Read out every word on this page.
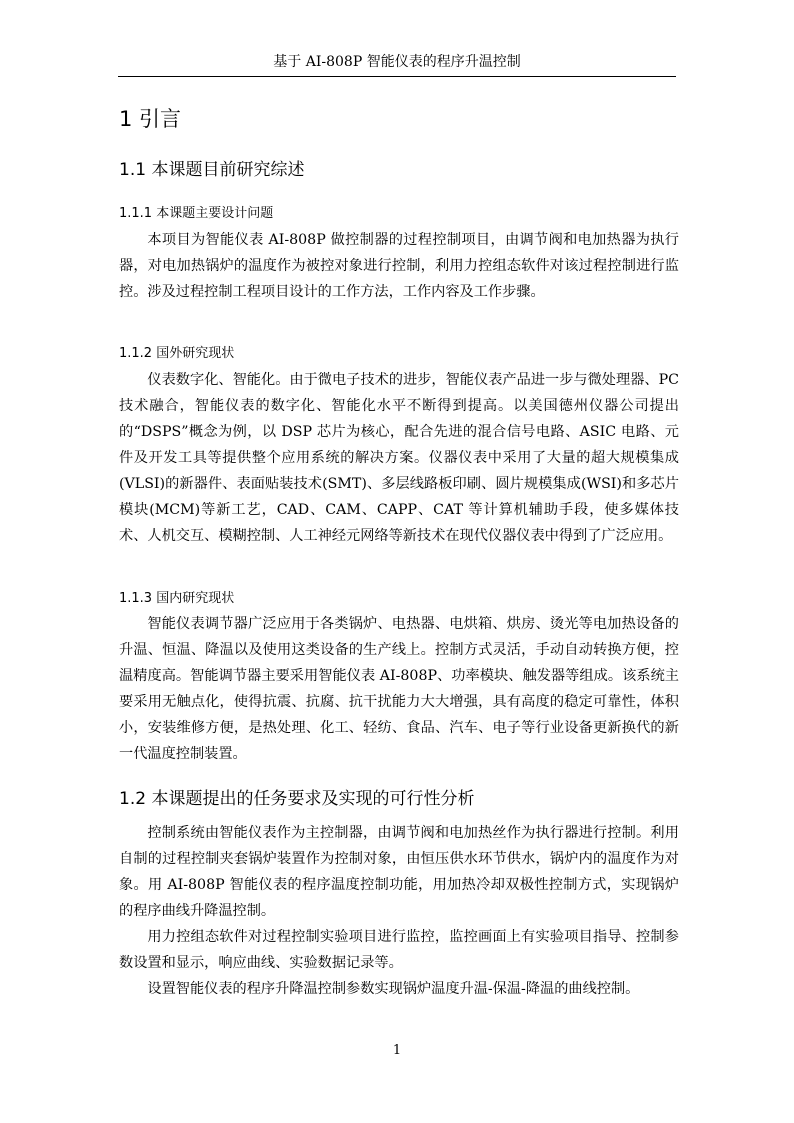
基于 AI-808P 智能仪表的程序升温控制
1 引言
1.1 本课题目前研究综述
1.1.1 本课题主要设计问题

本项目为智能仪表 AI-808P 做控制器的过程控制项目，由调节阀和电加热器为执行器，对电加热锅炉的温度作为被控对象进行控制，利用力控组态软件对该过程控制进行监控。涉及过程控制工程项目设计的工作方法，工作内容及工作步骤。

1.1.2 国外研究现状

仪表数字化、智能化。由于微电子技术的进步，智能仪表产品进一步与微处理器、PC 技术融合，智能仪表的数字化、智能化水平不断得到提高。以美国德州仪器公司提出的“DSPS”概念为例，以 DSP 芯片为核心，配合先进的混合信号电路、ASIC 电路、元件及开发工具等提供整个应用系统的解决方案。仪器仪表中采用了大量的超大规模集成(VLSI)的新器件、表面贴装技术(SMT)、多层线路板印刷、圆片规模集成(WSI)和多芯片模块(MCM)等新工艺，CAD、CAM、CAPP、CAT 等计算机辅助手段，使多媒体技术、人机交互、模糊控制、人工神经元网络等新技术在现代仪器仪表中得到了广泛应用。

1.1.3 国内研究现状

智能仪表调节器广泛应用于各类锅炉、电热器、电烘箱、烘房、烫光等电加热设备的升温、恒温、降温以及使用这类设备的生产线上。控制方式灵活，手动自动转换方便，控温精度高。智能调节器主要采用智能仪表 AI-808P、功率模块、触发器等组成。该系统主要采用无触点化，使得抗震、抗腐、抗干扰能力大大增强，具有高度的稳定可靠性，体积小，安装维修方便，是热处理、化工、轻纺、食品、汽车、电子等行业设备更新换代的新一代温度控制装置。

1.2 本课题提出的任务要求及实现的可行性分析

控制系统由智能仪表作为主控制器，由调节阀和电加热丝作为执行器进行控制。利用自制的过程控制夹套锅炉装置作为控制对象，由恒压供水环节供水，锅炉内的温度作为对象。用 AI-808P 智能仪表的程序温度控制功能，用加热冷却双极性控制方式，实现锅炉的程序曲线升降温控制。

用力控组态软件对过程控制实验项目进行监控，监控画面上有实验项目指导、控制参数设置和显示，响应曲线、实验数据记录等。

设置智能仪表的程序升降温控制参数实现锅炉温度升温-保温-降温的曲线控制。

1
